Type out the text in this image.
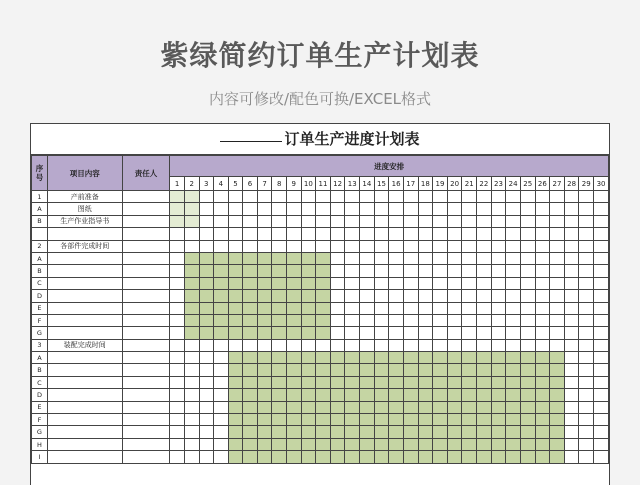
紫绿简约订单生产计划表
内容可修改/配色可换/EXCEL格式
订单生产进度计划表
序号	项目内容	责任人	进度安排																													
			1	2	3	4	5	6	7	8	9	10	11	12	13	14	15	16	17	18	19	20	21	22	23	24	25	26	27	28	29	30
1	产前准备																															
A	图纸																															
B	生产作业指导书																															

2	各部件完成时间																															
A																																
B																																
C																																
D																																
E																																
F																																
G																																
3	装配完成时间																															
A																																
B																																
C																																
D																																
E																																
F																																
G																																
H																																
I																																
